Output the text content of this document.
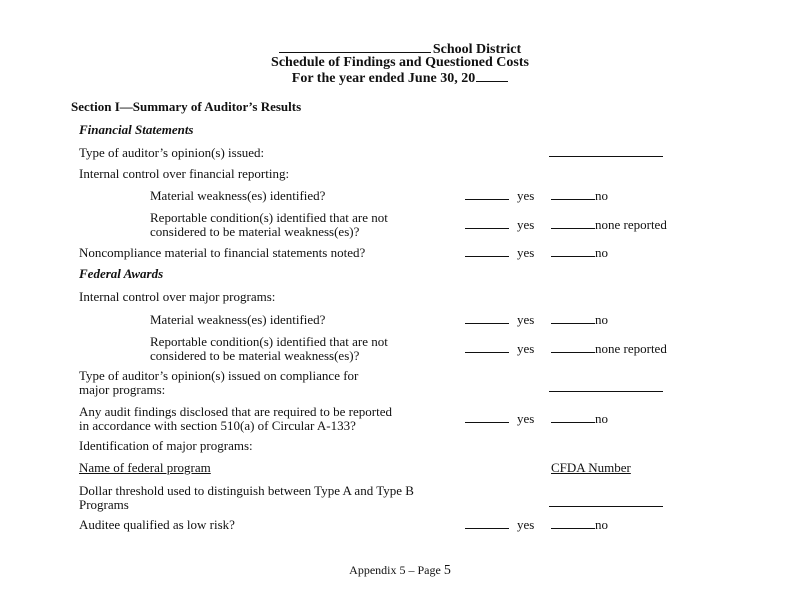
School District
Schedule of Findings and Questioned Costs
For the year ended June 30, 20
Section I—Summary of Auditor’s Results
Financial Statements
Type of auditor’s opinion(s) issued:
Internal control over financial reporting:
Material weakness(es) identified?	yes	no
Reportable condition(s) identified that are not
considered to be material weakness(es)?	yes	none reported
Noncompliance material to financial statements noted?	yes	no
Federal Awards
Internal control over major programs:
Material weakness(es) identified?	yes	no
Reportable condition(s) identified that are not
considered to be material weakness(es)?	yes	none reported
Type of auditor’s opinion(s) issued on compliance for
major programs:
Any audit findings disclosed that are required to be reported
in accordance with section 510(a) of Circular A-133?	yes	no
Identification of major programs:
Name of federal program	CFDA Number
Dollar threshold used to distinguish between Type A and Type B
Programs
Auditee qualified as low risk?	yes	no
Appendix 5 – Page 5
